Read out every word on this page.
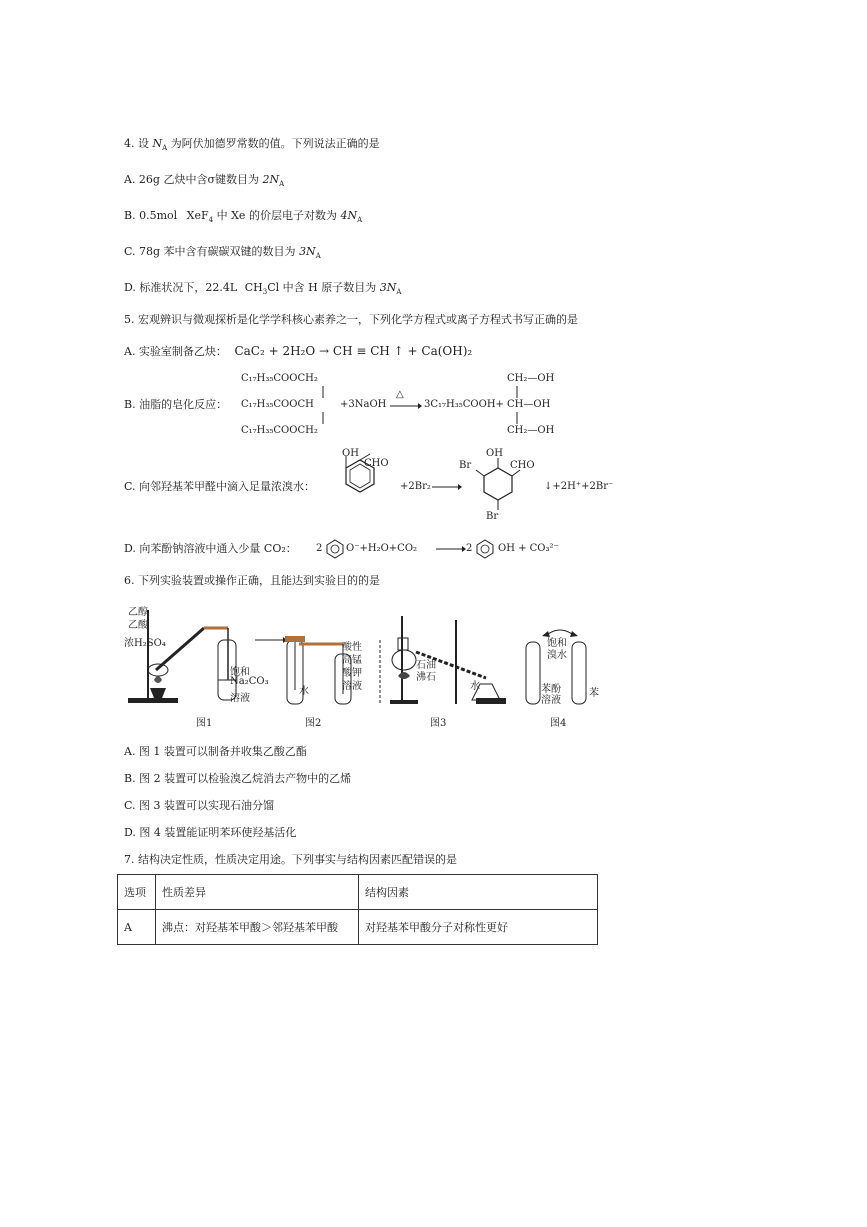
4. 设 $N_A$ 为阿伏加德罗常数的值。下列说法正确的是
A. 26g 乙炔中含σ键数目为 $2N_A$
B. 0.5mol XeF$_4$ 中 Xe 的价层电子对数为 $4N_A$
C. 78g 苯中含有碳碳双键的数目为 $3N_A$
D. 标准状况下，22.4L $CH_3Cl$ 中含 H 原子数目为 $3N_A$
5. 宏观辨识与微观探析是化学学科核心素养之一，下列化学方程式或离子方程式书写正确的是
A. 实验室制备乙炔： CaC₂ + 2H₂O → CH ≡ CH ↑ + Ca(OH)₂
B. 油脂的皂化反应：
C₁₇H₃₅COOCH₂
C₁₇H₃₅COOCH
C₁₇H₃₅COOCH₂
+3NaOH
△
3C₁₇H₃₅COOH+
CH₂—OH
CH—OH
CH₂—OH
C. 向邻羟基苯甲醛中滴入足量浓溴水：
OH
CHO
+2Br₂
OH
CHO
Br
Br
↓+2H⁺+2Br⁻
D. 向苯酚钠溶液中通入少量 CO₂： 2 O⁻+H₂O+CO₂	2	OH + CO₃²⁻
6. 下列实验装置或操作正确，且能达到实验目的的是
乙醇
乙酸
浓H₂SO₄
饱和
Na₂CO₃
溶液
图1
水
酸性
高锰
酸钾
溶液
图2
石油
沸石
水
图3
饱和
溴水
苯酚
溶液
苯
图4
A. 图 1 装置可以制备并收集乙酸乙酯
B. 图 2 装置可以检验溴乙烷消去产物中的乙烯
C. 图 3 装置可以实现石油分馏
D. 图 4 装置能证明苯环使羟基活化
7. 结构决定性质，性质决定用途。下列事实与结构因素匹配错误的是
选项	性质差异	结构因素
A	沸点：对羟基苯甲酸＞邻羟基苯甲酸	对羟基苯甲酸分子对称性更好
